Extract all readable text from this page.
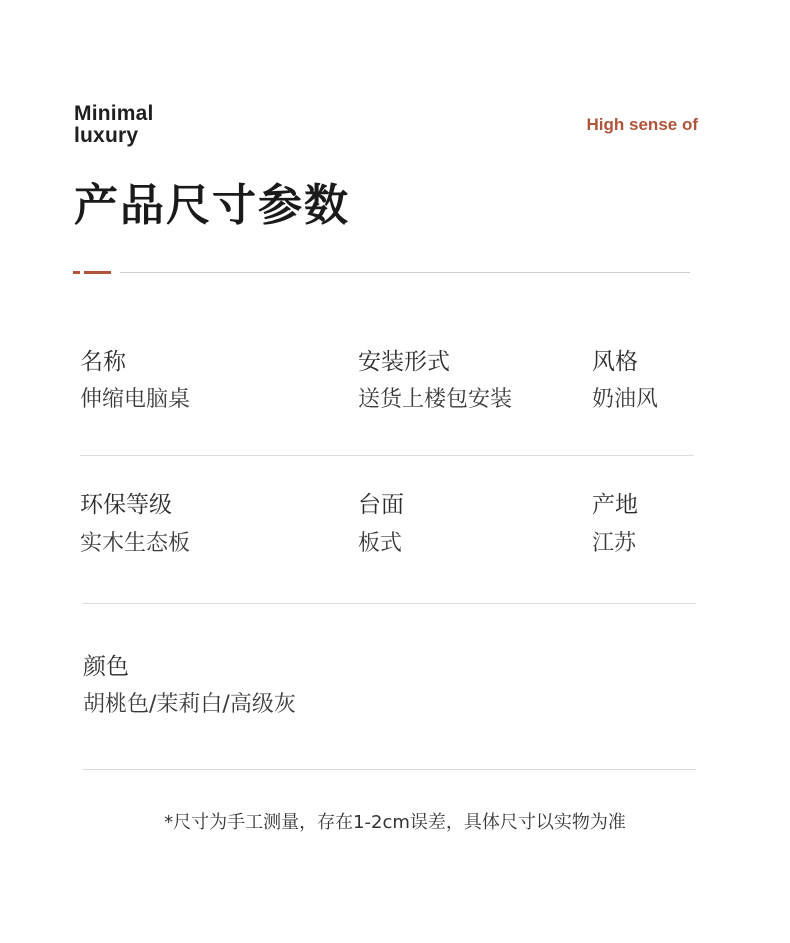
Minimal
luxury	High sense of
产品尺寸参数
名称
伸缩电脑桌
安装形式
送货上楼包安装
风格
奶油风
环保等级
实木生态板
台面
板式
产地
江苏
颜色
胡桃色/茉莉白/高级灰
*尺寸为手工测量，存在1-2cm误差，具体尺寸以实物为准
